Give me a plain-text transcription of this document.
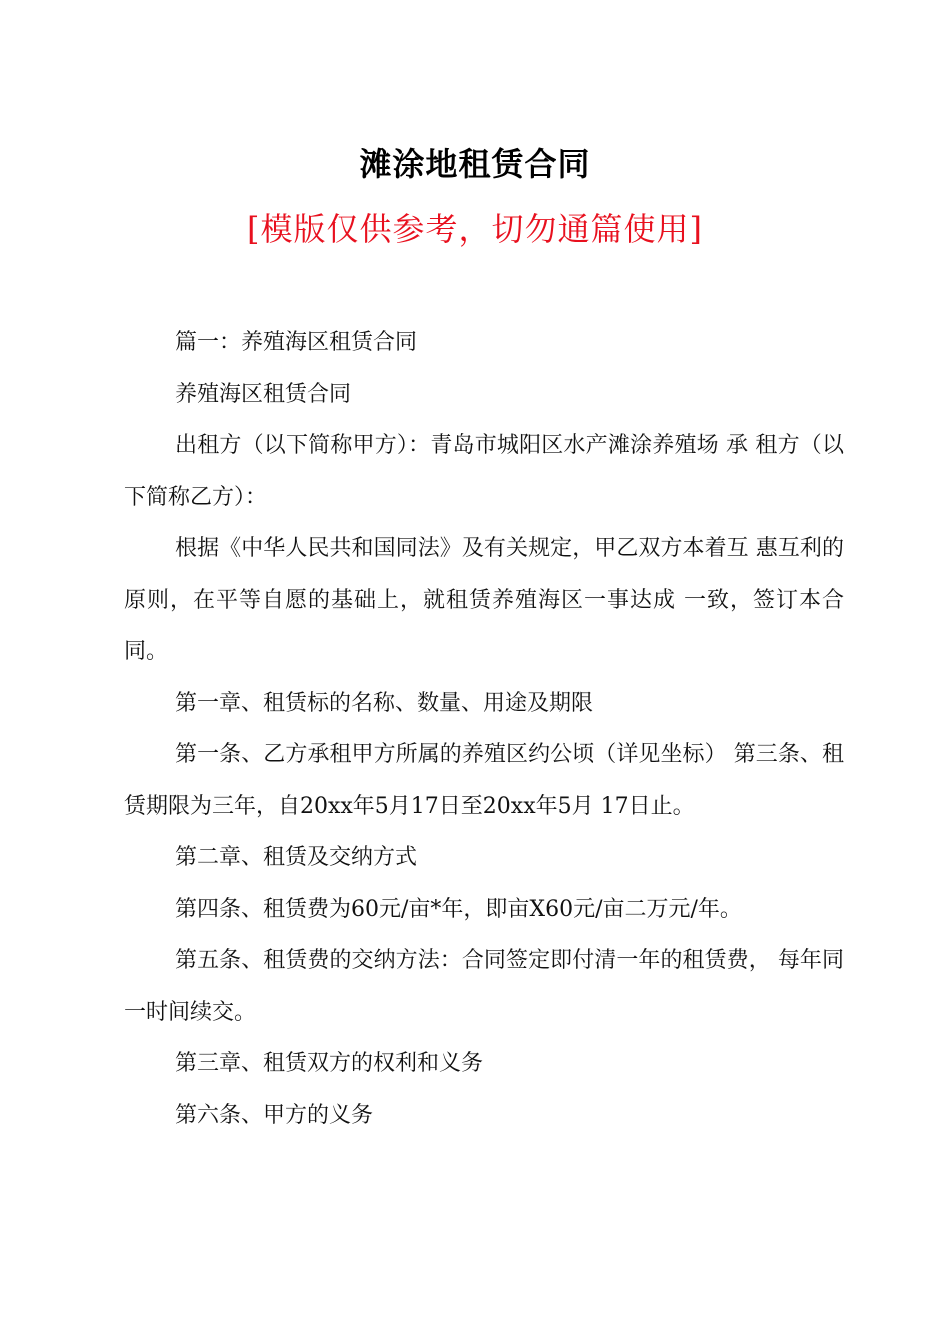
滩涂地租赁合同
[模版仅供参考，切勿通篇使用]

篇一：养殖海区租赁合同

养殖海区租赁合同

出租方（以下简称甲方）：青岛市城阳区水产滩涂养殖场 承 租方（以下简称乙方）：

根据《中华人民共和国同法》及有关规定，甲乙双方本着互 惠互利的原则，在平等自愿的基础上，就租赁养殖海区一事达成 一致，签订本合同。

第一章、租赁标的名称、数量、用途及期限

第一条、乙方承租甲方所属的养殖区约公顷（详见坐标） 第三条、租赁期限为三年，自20xx年5月17日至20xx年5月 17日止。

第二章、租赁及交纳方式

第四条、租赁费为60元/亩*年，即亩X60元/亩二万元/年。

第五条、租赁费的交纳方法：合同签定即付清一年的租赁费， 每年同一时间续交。

第三章、租赁双方的权利和义务

第六条、甲方的义务
